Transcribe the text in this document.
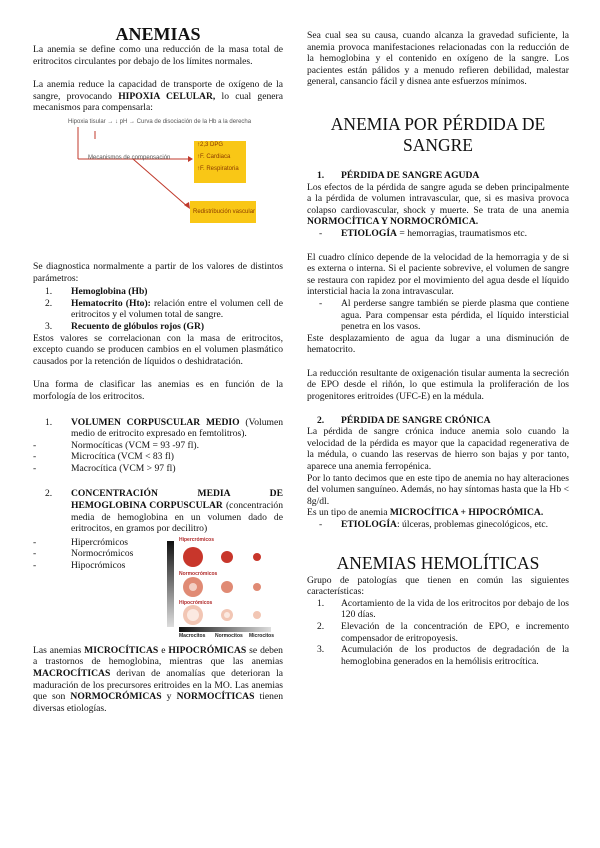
ANEMIAS

La anemia se define como una reducción de la masa total de eritrocitos circulantes por debajo de los límites normales.

La anemia reduce la capacidad de transporte de oxígeno de la sangre, provocando HIPOXIA CELULAR, lo cual genera mecanismos para compensarla:

Hipoxia tisular → ↓ pH → Curva de disociación de la Hb a la derecha
Mecanismos de compensación
↑2,3 DPG
↑F. Cardiaca
↑F. Respiratoria
Redistribución vascular

Se diagnostica normalmente a partir de los valores de distintos parámetros:

1. Hemoglobina (Hb)
2. Hematocrito (Hto): relación entre el volumen cell de eritrocitos y el volumen total de sangre.
3. Recuento de glóbulos rojos (GR)

Estos valores se correlacionan con la masa de eritrocitos, excepto cuando se producen cambios en el volumen plasmático causados por la retención de líquidos o deshidratación.

Una forma de clasificar las anemias es en función de la morfología de los eritrocitos.

1. VOLUMEN CORPUSCULAR MEDIO (Volumen medio de eritrocito expresado en femtolitros).
-	Normocíticas (VCM = 93 -97 fl).
-	Microcítica (VCM < 83 fl)
-	Macrocítica (VCM > 97 fl)
2. CONCENTRACIÓN MEDIA DE HEMOGLOBINA CORPUSCULAR (concentración media de hemoglobina en un volumen dado de eritrocitos, en gramos por decilitro)
-	Hipercrómicos
-	Normocrómicos
-	Hipocrómicos
Hipercrómicos
Normocrómicos
Hipocrómicos
Macrocitos Normocitos Microcitos

Las anemias MICROCÍTICAS e HIPOCRÓMICAS se deben a trastornos de hemoglobina, mientras que las anemias MACROCÍTICAS derivan de anomalías que deterioran la maduración de los precursores eritroides en la MO. Las anemias que son NORMOCRÓMICAS y NORMOCÍTICAS tienen diversas etiologías.

Sea cual sea su causa, cuando alcanza la gravedad suficiente, la anemia provoca manifestaciones relacionadas con la reducción de la hemoglobina y el contenido en oxígeno de la sangre. Los pacientes están pálidos y a menudo refieren debilidad, malestar general, cansancio fácil y disnea ante esfuerzos mínimos.

ANEMIA POR PÉRDIDA DE SANGRE
1. PÉRDIDA DE SANGRE AGUDA

Los efectos de la pérdida de sangre aguda se deben principalmente a la pérdida de volumen intravascular, que, si es masiva provoca colapso cardiovascular, shock y muerte. Se trata de una anemia NORMOCÍTICA Y NORMOCRÓMICA.

- ETIOLOGÍA = hemorragias, traumatismos etc.

El cuadro clínico depende de la velocidad de la hemorragia y de si es externa o interna. Si el paciente sobrevive, el volumen de sangre se restaura con rapidez por el movimiento del agua desde el líquido intersticial hacia la zona intravascular.

- Al perderse sangre también se pierde plasma que contiene agua. Para compensar esta pérdida, el líquido intersticial penetra en los vasos.

Este desplazamiento de agua da lugar a una disminución de hematocrito.

La reducción resultante de oxigenación tisular aumenta la secreción de EPO desde el riñón, lo que estimula la proliferación de los progenitores eritroides (UFC-E) en la médula.

2. PÉRDIDA DE SANGRE CRÓNICA

La pérdida de sangre crónica induce anemia solo cuando la velocidad de la pérdida es mayor que la capacidad regenerativa de la médula, o cuando las reservas de hierro son bajas y por tanto, aparece una anemia ferropénica.

Por lo tanto decimos que en este tipo de anemia no hay alteraciones del volumen sanguíneo. Además, no hay síntomas hasta que la Hb < 8g/dl.

Es un tipo de anemia MICROCÍTICA + HIPOCRÓMICA.

- ETIOLOGÍA: úlceras, problemas ginecológicos, etc.
ANEMIAS HEMOLÍTICAS

Grupo de patologías que tienen en común las siguientes características:

1. Acortamiento de la vida de los eritrocitos por debajo de los 120 días.
2. Elevación de la concentración de EPO, e incremento compensador de eritropoyesis.
3. Acumulación de los productos de degradación de la hemoglobina generados en la hemólisis eritrocítica.
